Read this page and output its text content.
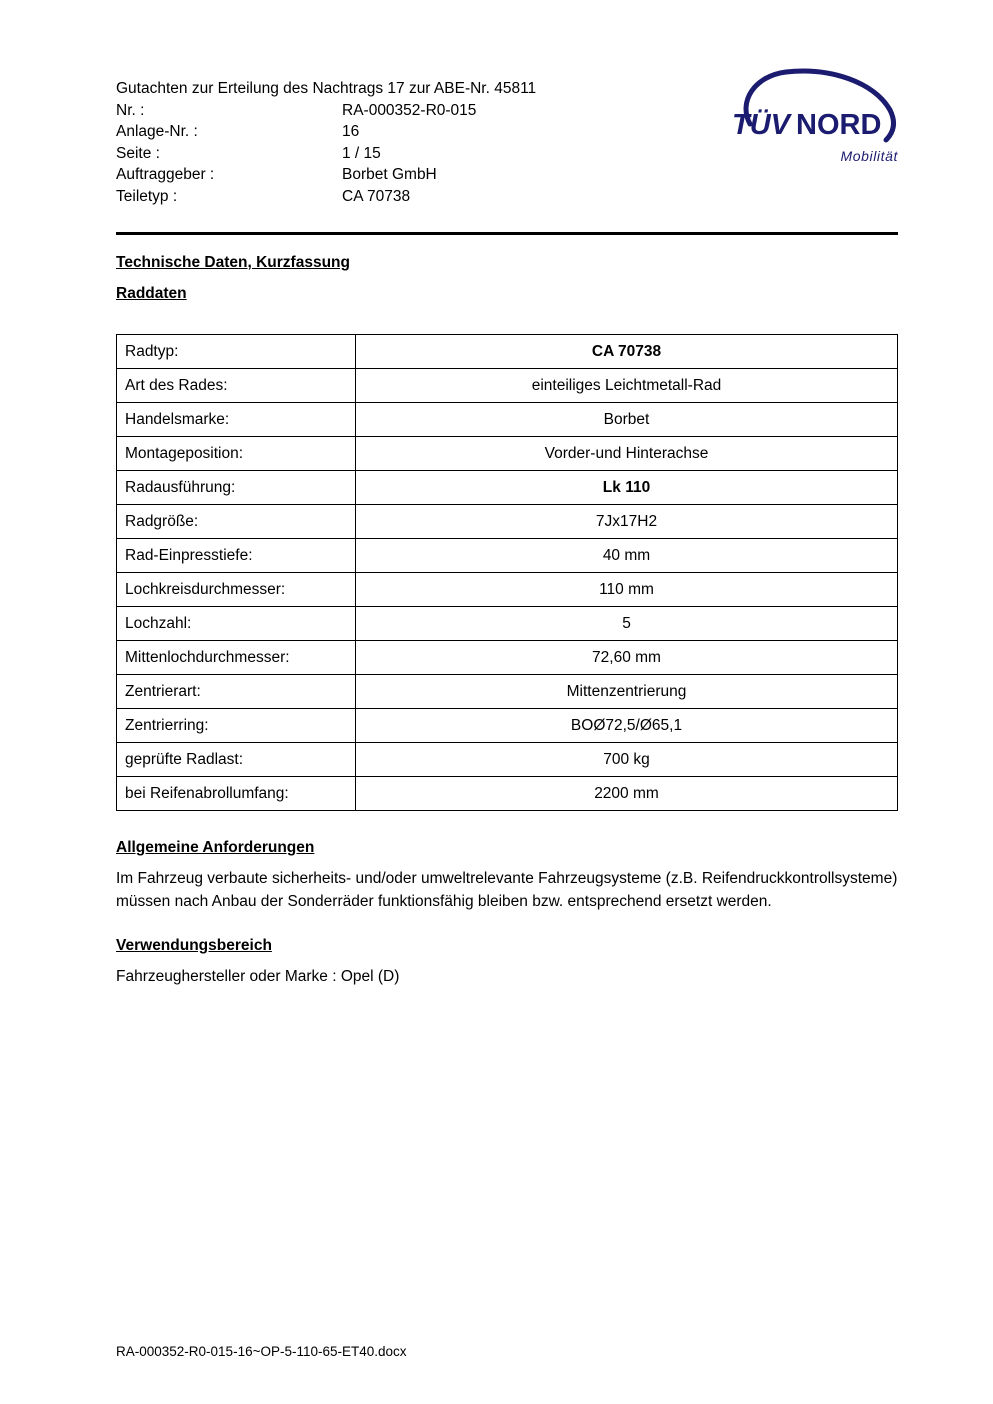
Gutachten zur Erteilung des Nachtrags 17 zur ABE-Nr. 45811
Nr. :	RA-000352-R0-015
Anlage-Nr. :	16
Seite :	1 / 15
Auftraggeber :	Borbet GmbH
Teiletyp :	CA 70738
TÜV NORD
Mobilität
Technische Daten, Kurzfassung
Raddaten
Radtyp:	CA 70738
Art des Rades:	einteiliges Leichtmetall-Rad
Handelsmarke:	Borbet
Montageposition:	Vorder-und Hinterachse
Radausführung:	Lk 110
Radgröße:	7Jx17H2
Rad-Einpresstiefe:	40 mm
Lochkreisdurchmesser:	110 mm
Lochzahl:	5
Mittenlochdurchmesser:	72,60 mm
Zentrierart:	Mittenzentrierung
Zentrierring:	BOØ72,5/Ø65,1
geprüfte Radlast:	700 kg
bei Reifenabrollumfang:	2200 mm
Allgemeine Anforderungen
Im Fahrzeug verbaute sicherheits- und/oder umweltrelevante Fahrzeugsysteme (z.B. Reifendruckkontrollsysteme) müssen nach Anbau der Sonderräder funktionsfähig bleiben bzw. entsprechend ersetzt werden.
Verwendungsbereich
Fahrzeughersteller oder Marke : Opel (D)
RA-000352-R0-015-16~OP-5-110-65-ET40.docx
